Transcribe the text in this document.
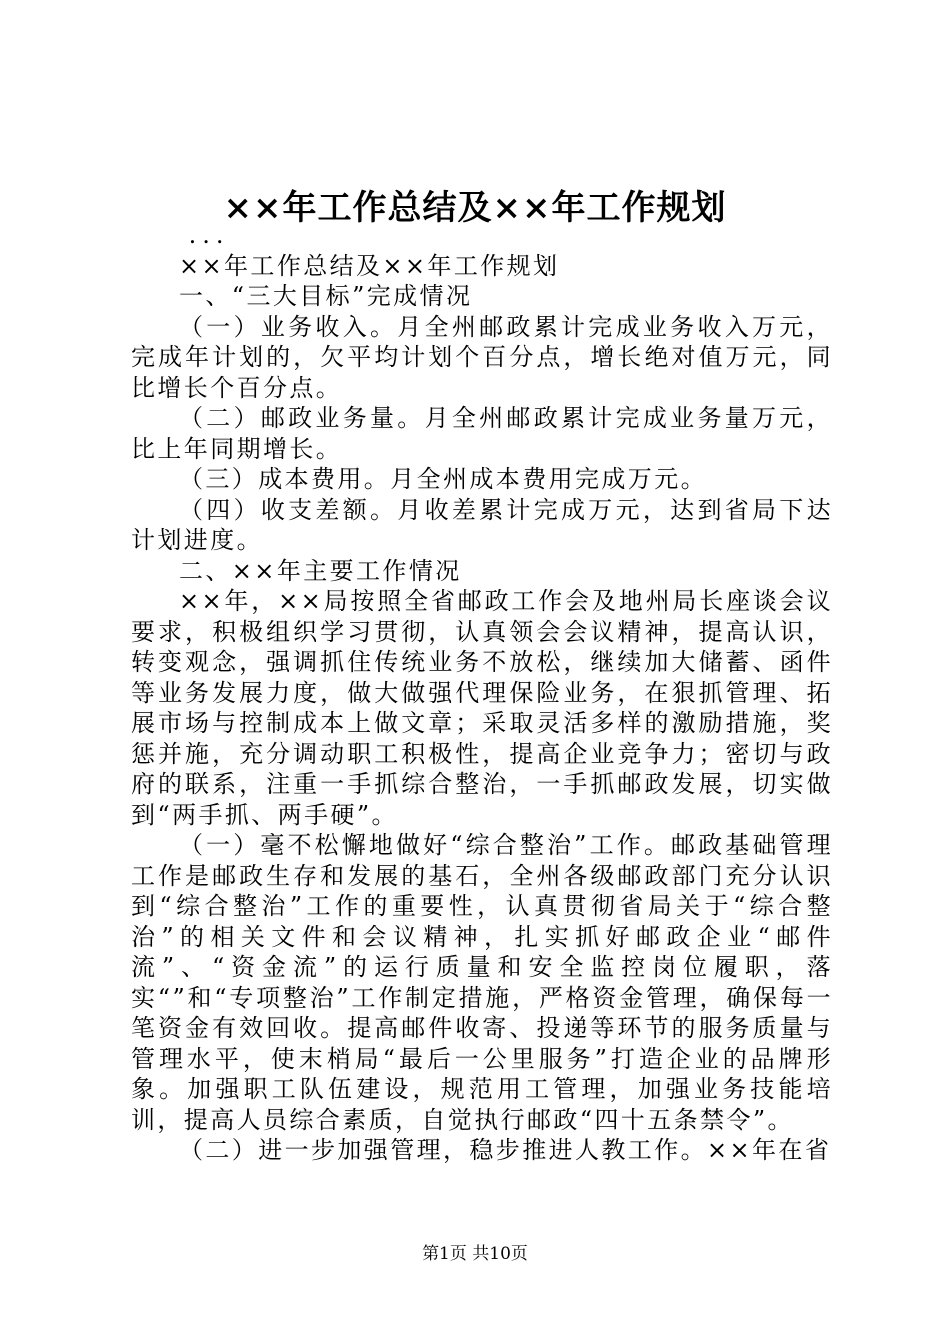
××年工作总结及××年工作规划

...

××年工作总结及××年工作规划

一、“三大目标”完成情况

（一）业务收入。月全州邮政累计完成业务收入万元，完成年计划的，欠平均计划个百分点，增长绝对值万元，同比增长个百分点。

（二）邮政业务量。月全州邮政累计完成业务量万元，比上年同期增长。

（三）成本费用。月全州成本费用完成万元。

（四）收支差额。月收差累计完成万元，达到省局下达计划进度。

二、××年主要工作情况

××年，××局按照全省邮政工作会及地州局长座谈会议要求，积极组织学习贯彻，认真领会会议精神，提高认识，转变观念，强调抓住传统业务不放松，继续加大储蓄、函件等业务发展力度，做大做强代理保险业务，在狠抓管理、拓展市场与控制成本上做文章；采取灵活多样的激励措施，奖惩并施，充分调动职工积极性，提高企业竞争力；密切与政府的联系，注重一手抓综合整治，一手抓邮政发展，切实做到“两手抓、两手硬”。

（一）毫不松懈地做好“综合整治”工作。邮政基础管理工作是邮政生存和发展的基石，全州各级邮政部门充分认识到“综合整治”工作的重要性，认真贯彻省局关于“综合整治”的相关文件和会议精神，扎实抓好邮政企业“邮件流”、“资金流”的运行质量和安全监控岗位履职，落实“”和“专项整治”工作制定措施，严格资金管理，确保每一笔资金有效回收。提高邮件收寄、投递等环节的服务质量与管理水平，使末梢局“最后一公里服务”打造企业的品牌形象。加强职工队伍建设，规范用工管理，加强业务技能培训，提高人员综合素质，自觉执行邮政“四十五条禁令”。

（二）进一步加强管理，稳步推进人教工作。××年在省

第1页 共10页
